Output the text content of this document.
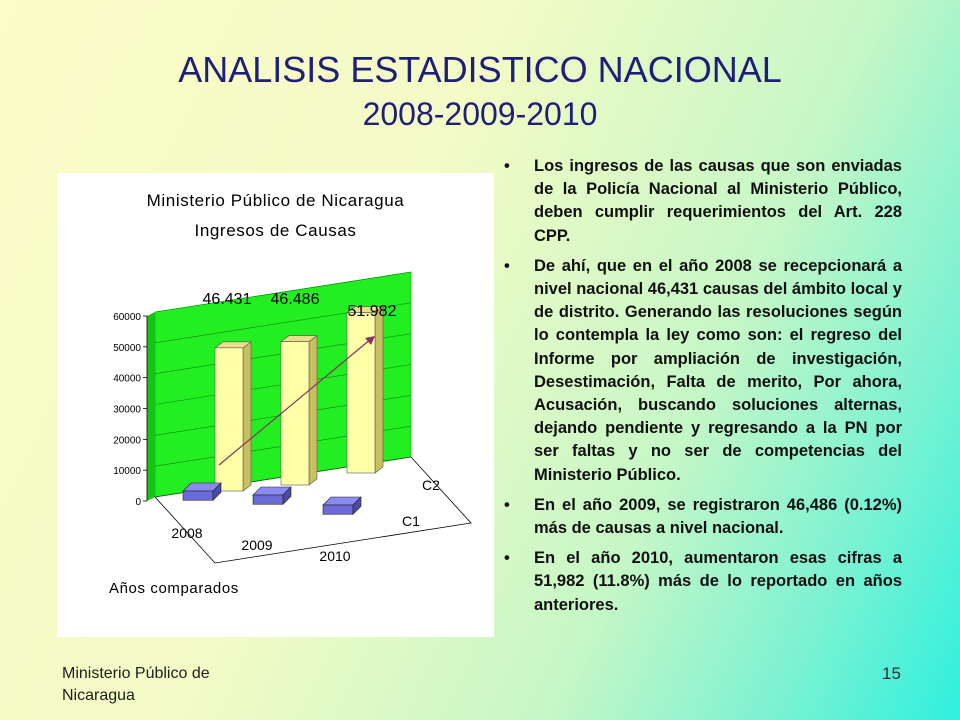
ANALISIS ESTADISTICO NACIONAL
2008-2009-2010
Ministerio Público de Nicaragua
Ingresos de Causas
0
10000
20000
30000
40000
50000
60000
46.431 46.486
51.982
2008
2009
2010
C2
C1
Años comparados
• Los ingresos de las causas que son enviadas de la Policía Nacional al Ministerio Público, deben cumplir requerimientos del Art. 228 CPP.
• De ahí, que en el año 2008 se recepcionará a nivel nacional 46,431 causas del ámbito local y de distrito. Generando las resoluciones según lo contempla la ley como son: el regreso del Informe por ampliación de investigación, Desestimación, Falta de merito, Por ahora, Acusación, buscando soluciones alternas, dejando pendiente y regresando a la PN por ser faltas y no ser de competencias del Ministerio Público.
• En el año 2009, se registraron 46,486 (0.12%) más de causas a nivel nacional.
• En el año 2010, aumentaron esas cifras a 51,982 (11.8%) más de lo reportado en años anteriores.
Ministerio Público de Nicaragua
15
